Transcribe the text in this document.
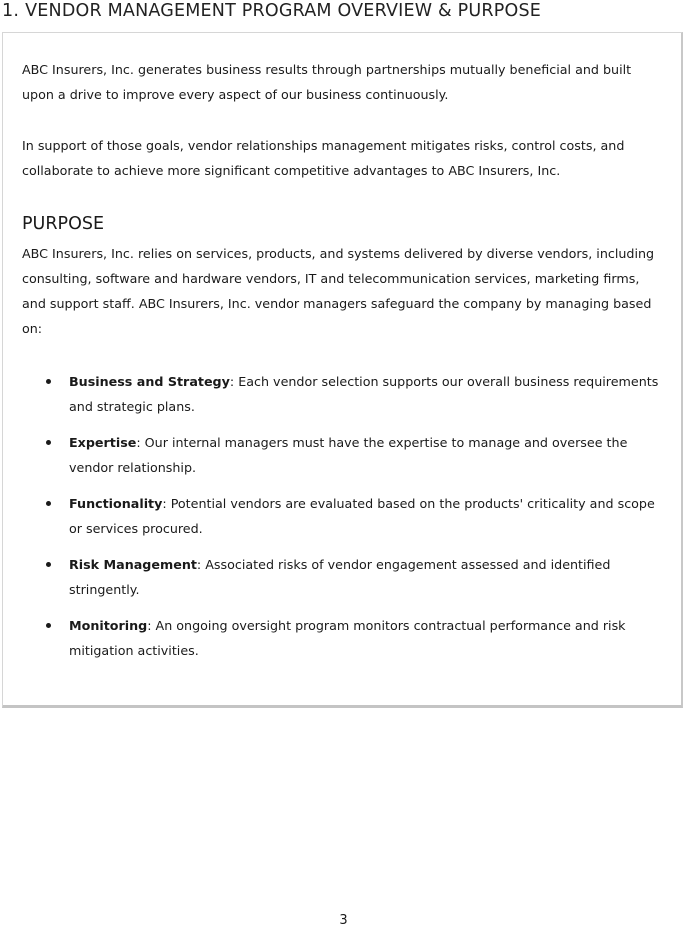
1. VENDOR MANAGEMENT PROGRAM OVERVIEW & PURPOSE

ABC Insurers, Inc. generates business results through partnerships mutually beneficial and built upon a drive to improve every aspect of our business continuously.

In support of those goals, vendor relationships management mitigates risks, control costs, and collaborate to achieve more significant competitive advantages to ABC Insurers, Inc.

PURPOSE

ABC Insurers, Inc. relies on services, products, and systems delivered by diverse vendors, including consulting, software and hardware vendors, IT and telecommunication services, marketing firms, and support staff. ABC Insurers, Inc. vendor managers safeguard the company by managing based on:

Business and Strategy: Each vendor selection supports our overall business requirements and strategic plans.
Expertise: Our internal managers must have the expertise to manage and oversee the vendor relationship.
Functionality: Potential vendors are evaluated based on the products' criticality and scope or services procured.
Risk Management: Associated risks of vendor engagement assessed and identified stringently.
Monitoring: An ongoing oversight program monitors contractual performance and risk mitigation activities.

3
